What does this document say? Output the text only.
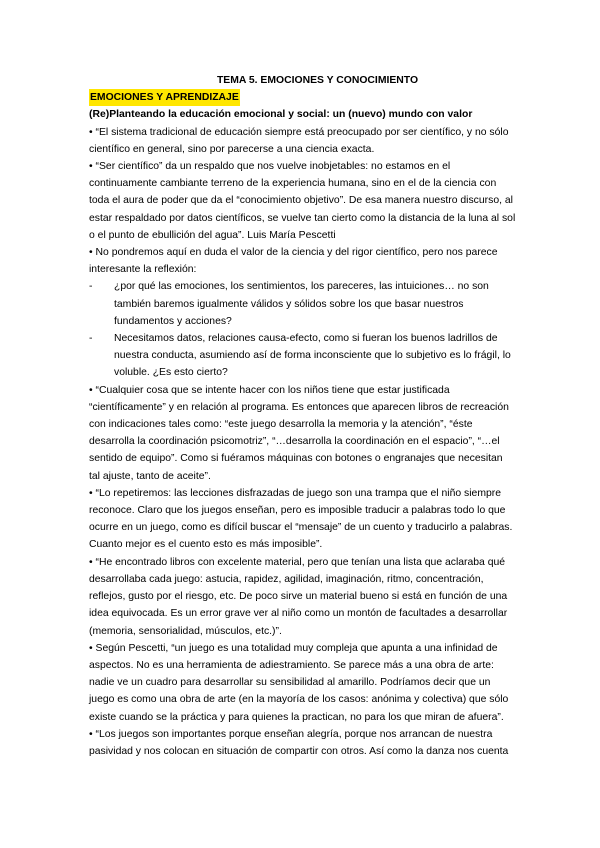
TEMA 5. EMOCIONES Y CONOCIMIENTO
EMOCIONES Y APRENDIZAJE

(Re)Planteando la educación emocional y social: un (nuevo) mundo con valor

• “El sistema tradicional de educación siempre está preocupado por ser científico, y no sólo científico en general, sino por parecerse a una ciencia exacta.

• “Ser científico” da un respaldo que nos vuelve inobjetables: no estamos en el continuamente cambiante terreno de la experiencia humana, sino en el de la ciencia con toda el aura de poder que da el “conocimiento objetivo”. De esa manera nuestro discurso, al estar respaldado por datos científicos, se vuelve tan cierto como la distancia de la luna al sol o el punto de ebullición del agua”. Luis María Pescetti

• No pondremos aquí en duda el valor de la ciencia y del rigor científico, pero nos parece interesante la reflexión:

- ¿por qué las emociones, los sentimientos, los pareceres, las intuiciones… no son también baremos igualmente válidos y sólidos sobre los que basar nuestros fundamentos y acciones?
- Necesitamos datos, relaciones causa-efecto, como si fueran los buenos ladrillos de nuestra conducta, asumiendo así de forma inconsciente que lo subjetivo es lo frágil, lo voluble. ¿Es esto cierto?

• “Cualquier cosa que se intente hacer con los niños tiene que estar justificada “científicamente” y en relación al programa. Es entonces que aparecen libros de recreación con indicaciones tales como: “este juego desarrolla la memoria y la atención”, “éste desarrolla la coordinación psicomotriz”, “…desarrolla la coordinación en el espacio”, “…el sentido de equipo”. Como si fuéramos máquinas con botones o engranajes que necesitan tal ajuste, tanto de aceite”.

• “Lo repetiremos: las lecciones disfrazadas de juego son una trampa que el niño siempre reconoce. Claro que los juegos enseñan, pero es imposible traducir a palabras todo lo que ocurre en un juego, como es difícil buscar el “mensaje” de un cuento y traducirlo a palabras. Cuanto mejor es el cuento esto es más imposible”.

• “He encontrado libros con excelente material, pero que tenían una lista que aclaraba qué desarrollaba cada juego: astucia, rapidez, agilidad, imaginación, ritmo, concentración, reflejos, gusto por el riesgo, etc. De poco sirve un material bueno si está en función de una idea equivocada. Es un error grave ver al niño como un montón de facultades a desarrollar (memoria, sensorialidad, músculos, etc.)”.

• Según Pescetti, “un juego es una totalidad muy compleja que apunta a una infinidad de aspectos. No es una herramienta de adiestramiento. Se parece más a una obra de arte: nadie ve un cuadro para desarrollar su sensibilidad al amarillo. Podríamos decir que un juego es como una obra de arte (en la mayoría de los casos: anónima y colectiva) que sólo existe cuando se la práctica y para quienes la practican, no para los que miran de afuera”.

• “Los juegos son importantes porque enseñan alegría, porque nos arrancan de nuestra pasividad y nos colocan en situación de compartir con otros. Así como la danza nos cuenta
